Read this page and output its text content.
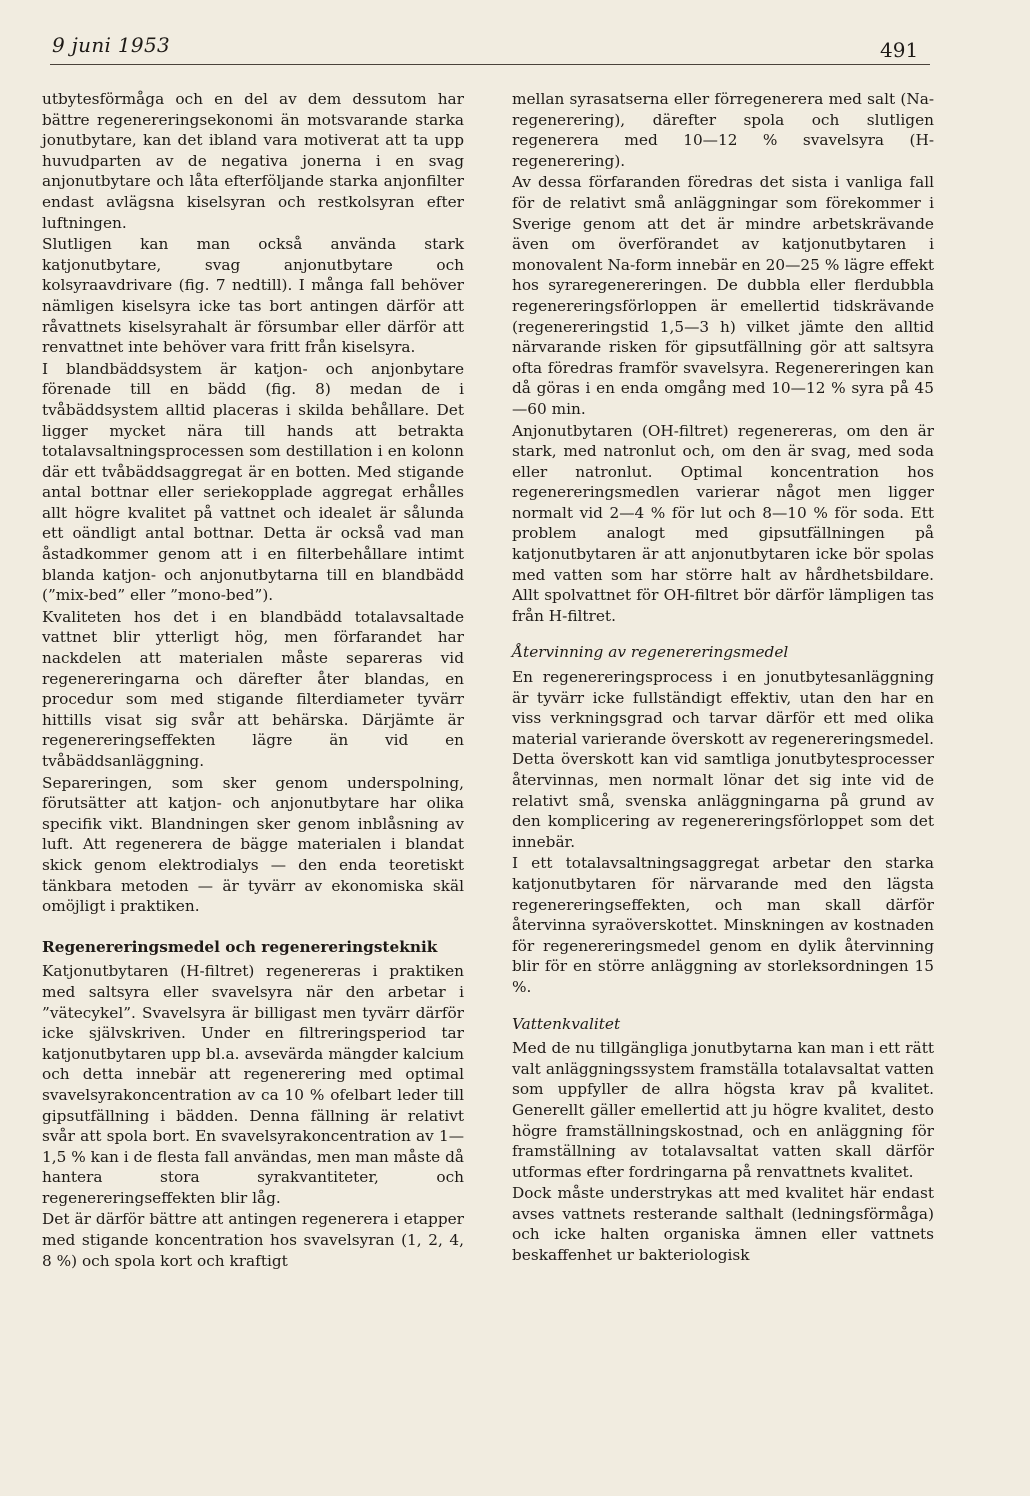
9 juni 1953	491

utbytesförmåga och en del av dem dessutom har bättre regenereringsekonomi än motsvarande starka jonutbytare, kan det ibland vara motiverat att ta upp huvudparten av de negativa jonerna i en svag anjonutbytare och låta efterföljande starka anjonfilter endast avlägsna kiselsyran och restkolsyran efter luftningen.

Slutligen kan man också använda stark katjonutbytare, svag anjonutbytare och kolsyraavdrivare (fig. 7 nedtill). I många fall behöver nämligen kiselsyra icke tas bort antingen därför att råvattnets kiselsyrahalt är försumbar eller därför att renvattnet inte behöver vara fritt från kiselsyra.

I blandbäddsystem är katjon- och anjonbytare förenade till en bädd (fig. 8) medan de i tvåbäddsystem alltid placeras i skilda behållare. Det ligger mycket nära till hands att betrakta totalavsaltningsprocessen som destillation i en kolonn där ett tvåbäddsaggregat är en botten. Med stigande antal bottnar eller seriekopplade aggregat erhålles allt högre kvalitet på vattnet och idealet är sålunda ett oändligt antal bottnar. Detta är också vad man åstadkommer genom att i en filterbehållare intimt blanda katjon- och anjonutbytarna till en blandbädd (”mix-bed” eller ”mono-bed”).

Kvaliteten hos det i en blandbädd totalavsaltade vattnet blir ytterligt hög, men förfarandet har nackdelen att materialen måste separeras vid regenereringarna och därefter åter blandas, en procedur som med stigande filterdiameter tyvärr hittills visat sig svår att behärska. Därjämte är regenereringseffekten lägre än vid en tvåbäddsanläggning.

Separeringen, som sker genom underspolning, förutsätter att katjon- och anjonutbytare har olika specifik vikt. Blandningen sker genom inblåsning av luft. Att regenerera de bägge materialen i blandat skick genom elektrodialys — den enda teoretiskt tänkbara metoden — är tyvärr av ekonomiska skäl omöjligt i praktiken.

Regenereringsmedel och regenereringsteknik

Katjonutbytaren (H-filtret) regenereras i praktiken med saltsyra eller svavelsyra när den arbetar i ”vätecykel”. Svavelsyra är billigast men tyvärr därför icke självskriven. Under en filtreringsperiod tar katjonutbytaren upp bl.a. avsevärda mängder kalcium och detta innebär att regenerering med optimal svavelsyrakoncentration av ca 10 % ofelbart leder till gipsutfällning i bädden. Denna fällning är relativt svår att spola bort. En svavelsyrakoncentration av 1—1,5 % kan i de flesta fall användas, men man måste då hantera stora syrakvantiteter, och regenereringseffekten blir låg.

Det är därför bättre att antingen regenerera i etapper med stigande koncentration hos svavelsyran (1, 2, 4, 8 %) och spola kort och kraftigt

mellan syrasatserna eller förregenerera med salt (Na-regenerering), därefter spola och slutligen regenerera med 10—12 % svavelsyra (H-regenerering).

Av dessa förfaranden föredras det sista i vanliga fall för de relativt små anläggningar som förekommer i Sverige genom att det är mindre arbetskrävande även om överförandet av katjonutbytaren i monovalent Na-form innebär en 20—25 % lägre effekt hos syraregenereringen. De dubbla eller flerdubbla regenereringsförloppen är emellertid tidskrävande (regenereringstid 1,5—3 h) vilket jämte den alltid närvarande risken för gipsutfällning gör att saltsyra ofta föredras framför svavelsyra. Regenereringen kan då göras i en enda omgång med 10—12 % syra på 45—60 min.

Anjonutbytaren (OH-filtret) regenereras, om den är stark, med natronlut och, om den är svag, med soda eller natronlut. Optimal koncentration hos regenereringsmedlen varierar något men ligger normalt vid 2—4 % för lut och 8—10 % för soda. Ett problem analogt med gipsutfällningen på katjonutbytaren är att anjonutbytaren icke bör spolas med vatten som har större halt av hårdhetsbildare. Allt spolvattnet för OH-filtret bör därför lämpligen tas från H-filtret.

Återvinning av regenereringsmedel

En regenereringsprocess i en jonutbytesanläggning är tyvärr icke fullständigt effektiv, utan den har en viss verkningsgrad och tarvar därför ett med olika material varierande överskott av regenereringsmedel. Detta överskott kan vid samtliga jonutbytesprocesser återvinnas, men normalt lönar det sig inte vid de relativt små, svenska anläggningarna på grund av den komplicering av regenereringsförloppet som det innebär.

I ett totalavsaltningsaggregat arbetar den starka katjonutbytaren för närvarande med den lägsta regenereringseffekten, och man skall därför återvinna syraöverskottet. Minskningen av kostnaden för regenereringsmedel genom en dylik återvinning blir för en större anläggning av storleksordningen 15 %.

Vattenkvalitet

Med de nu tillgängliga jonutbytarna kan man i ett rätt valt anläggningssystem framställa totalavsaltat vatten som uppfyller de allra högsta krav på kvalitet. Generellt gäller emellertid att ju högre kvalitet, desto högre framställningskostnad, och en anläggning för framställning av totalavsaltat vatten skall därför utformas efter fordringarna på renvattnets kvalitet.

Dock måste understrykas att med kvalitet här endast avses vattnets resterande salthalt (ledningsförmåga) och icke halten organiska ämnen eller vattnets beskaffenhet ur bakteriologisk
